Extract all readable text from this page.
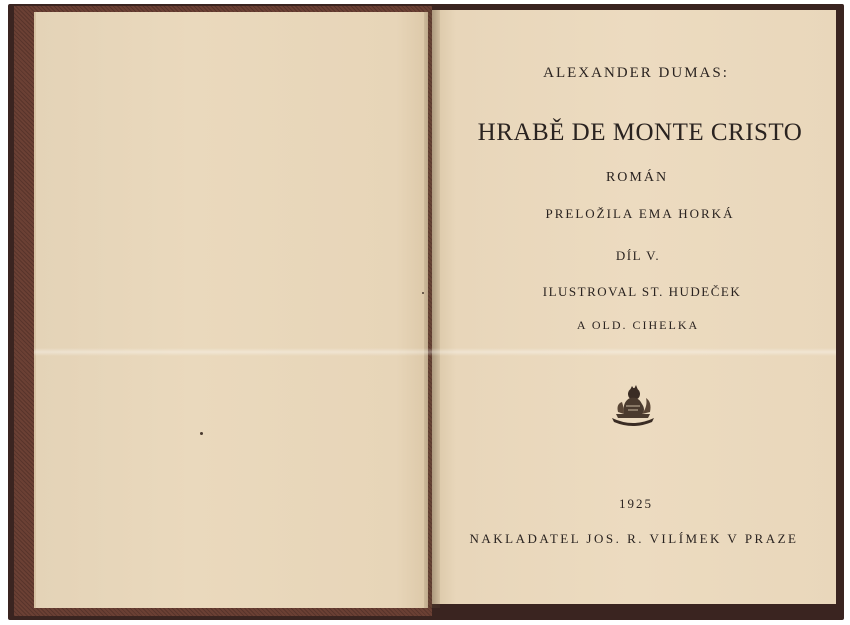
ALEXANDER DUMAS:

HRABĚ DE MONTE CRISTO

ROMÁN

PRELOŽILA EMA HORKÁ

DÍL V.

ILUSTROVAL ST. HUDEČEK

A OLD. CIHELKA

1925

NAKLADATEL JOS. R. VILÍMEK V PRAZE
